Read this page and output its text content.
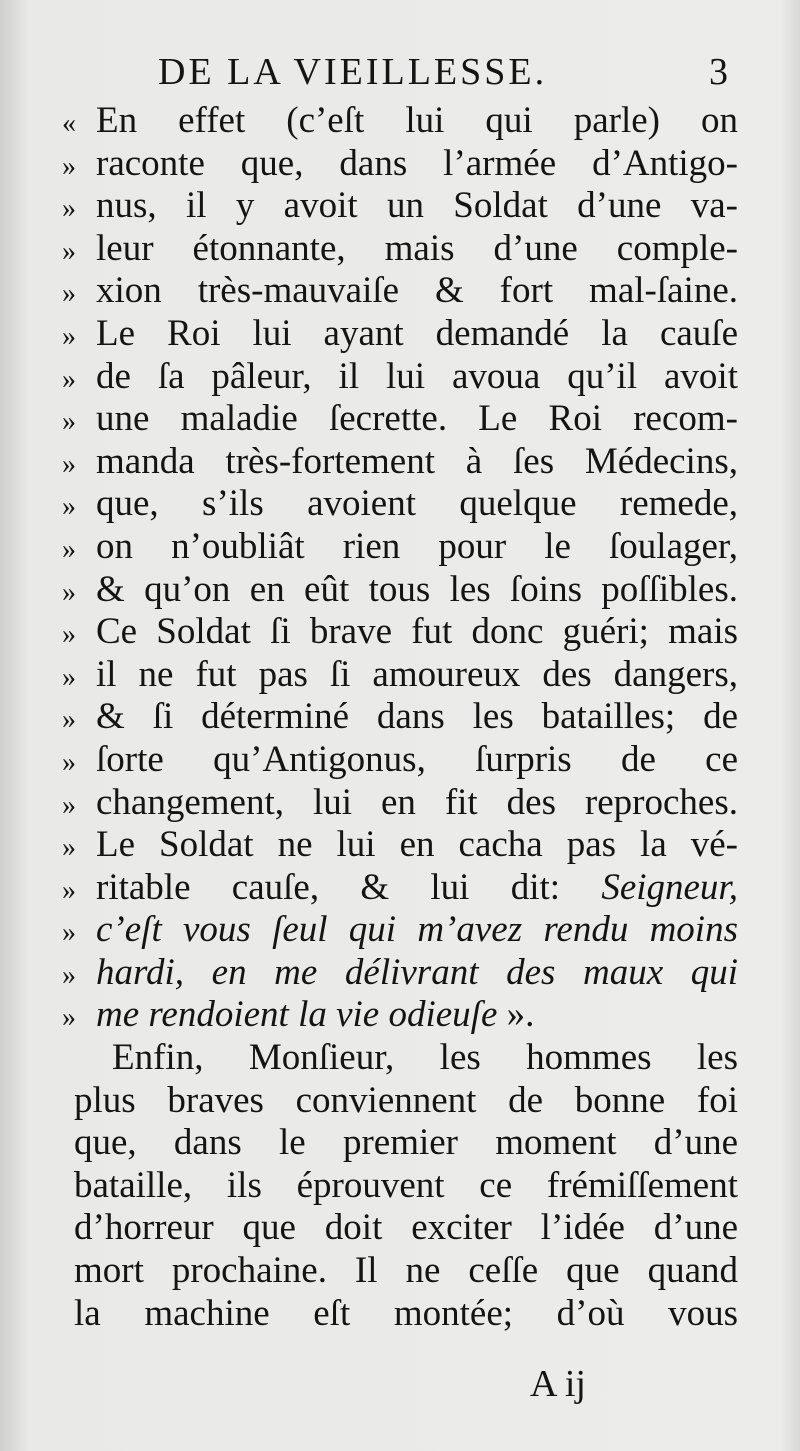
DE LA VIEILLESSE.	3
« En effet (c’eſt lui qui parle) on
» raconte que, dans l’armée d’Antigo-
» nus, il y avoit un Soldat d’une va-
» leur étonnante, mais d’une comple-
» xion très-mauvaiſe & fort mal-ſaine.
» Le Roi lui ayant demandé la cauſe
» de ſa pâleur, il lui avoua qu’il avoit
» une maladie ſecrette. Le Roi recom-
» manda très-fortement à ſes Médecins,
» que, s’ils avoient quelque remede,
» on n’oubliât rien pour le ſoulager,
» & qu’on en eût tous les ſoins poſſibles.
» Ce Soldat ſi brave fut donc guéri; mais
» il ne fut pas ſi amoureux des dangers,
» & ſi déterminé dans les batailles; de
» ſorte qu’Antigonus, ſurpris de ce
» changement, lui en fit des reproches.
» Le Soldat ne lui en cacha pas la vé-
» ritable cauſe, & lui dit: Seigneur,
» c’eſt vous ſeul qui m’avez rendu moins
» hardi, en me délivrant des maux qui
» me rendoient la vie odieuſe ».
Enfin, Monſieur, les hommes les
plus braves conviennent de bonne foi
que, dans le premier moment d’une
bataille, ils éprouvent ce frémiſſement
d’horreur que doit exciter l’idée d’une
mort prochaine. Il ne ceſſe que quand
la machine eſt montée; d’où vous
A ij
